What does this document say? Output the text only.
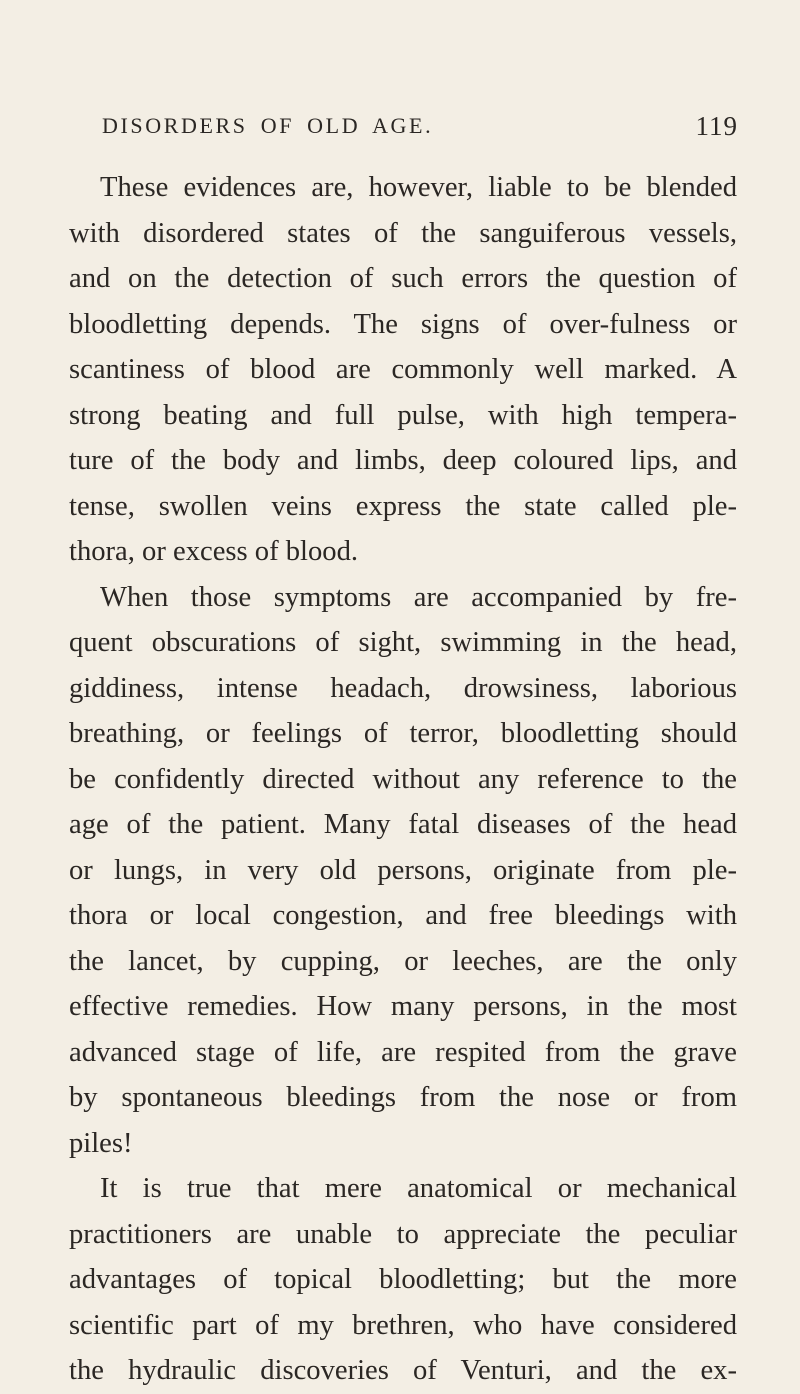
DISORDERS OF OLD AGE.	119
These evidences are, however, liable to be blended
with disordered states of the sanguiferous vessels,
and on the detection of such errors the question of
bloodletting depends. The signs of over-fulness or
scantiness of blood are commonly well marked. A
strong beating and full pulse, with high tempera-
ture of the body and limbs, deep coloured lips, and
tense, swollen veins express the state called ple-
thora, or excess of blood.
When those symptoms are accompanied by fre-
quent obscurations of sight, swimming in the head,
giddiness, intense headach, drowsiness, laborious
breathing, or feelings of terror, bloodletting should
be confidently directed without any reference to the
age of the patient. Many fatal diseases of the head
or lungs, in very old persons, originate from ple-
thora or local congestion, and free bleedings with
the lancet, by cupping, or leeches, are the only
effective remedies. How many persons, in the most
advanced stage of life, are respited from the grave
by spontaneous bleedings from the nose or from
piles!
It is true that mere anatomical or mechanical
practitioners are unable to appreciate the peculiar
advantages of topical bloodletting; but the more
scientific part of my brethren, who have considered
the hydraulic discoveries of Venturi, and the ex-
